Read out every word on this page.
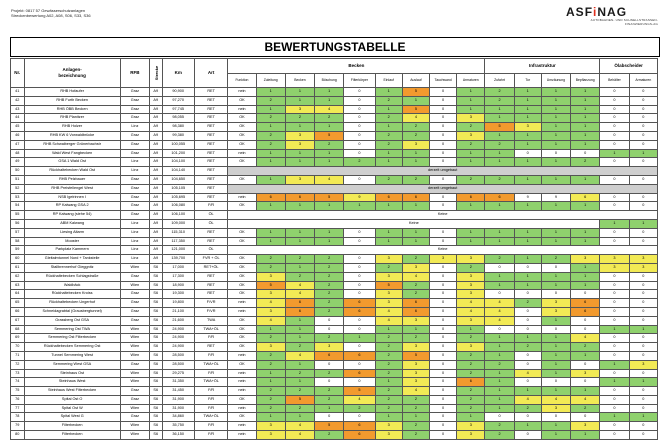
Projekt: 0817 57 Gewässerschutzanlagen
Streckenbewertung A02, A08, S06, S33, S36	A S F i N A G
AUTOBAHNEN- UND SCHNELLSTRASSEN-FINANZIERUNGS-AG
BEWERTUNGSTABELLE
Nr.	Anlagen-
bezeichnung	RFB	Strecke	Km	Art	Becken									Infrastruktur				Ölabscheider	
						Funktion	Zuleitung	Becken	Böschung	Filterkörper	Einlauf	Auslauf	Tauchwand	Armaturen	Zufahrt	Tor	Umzäunung	Bepflanzung	Behälter	Armaturen
41	RHB Hofaufer	Graz	A9	90,900	RET	nein	1	1	1	0	1	5	0	1	2	1	1	1	0	0
42	RHB Furth Becken	Graz	A9	97,270	RET	OK	2	1	1	0	2	1	0	1	2	1	1	1	0	0
43	RHB ÖBB Becken	Graz	A9	97,745	RET	nein	1	3	4	0	1	5	0	1	1	1	1	1	0	0
44	RHB Planitzer	Graz	A9	98,055	RET	OK	2	2	2	0	2	4	0	3	1	1	1	1	0	0
45	RHB Holzer	Linz	A9	98,380	RET	OK	1	1	1	0	1	2	0	2	5	3	1	1	0	0
46	RHB KW 6 Vorwaldbrücke	Graz	A9	99,380	RET	OK	2	3	5	0	2	2	0	3	1	1	1	1	0	0
47	RHB Schwaiberger Grünerbachstr	Graz	A9	100,055	RET	OK	2	3	2	0	2	3	0	2	2	1	1	1	0	0
48	Wald West Fangbecken	Graz	A9	101,200	RET	nein	1	1	1	0	1	1	0	1	1	0	0	0	1	1
49	GSA 1 Wald Ost	Linz	A9	104,100	RET	OK	1	1	1	2	1	1	0	1	1	1	1	2	0	0
50	Rückhaltebecken Wald Ost	Linz	A9	104,140	RET	derzeit umgebaut														
51	RHB Pelzbauer	Graz	A9	104,650	RET	OK	1	3	4	0	2	2	0	2	2	1	1	1	0	0
52	RHB Preisfellengel West	Graz	A9	105,105	RET	derzeit umgebaut														
53	NSB Igelrinnen I	Graz	A9	105,695	RET	nein	6	6	5	9	6	6	0	6	6	9	9	6	0	0
54	RP Kalwang GSA 2	Graz	A9	106,080	F/R	OK	1	1	1	1	1	1	0	1	1	1	1	1	0	0
55	RP Kalwang (siehe 54)	Graz	A9	106,100	ÖL	Keine														
56	ABM Kalwang	Linz	A9	109,000	ÖL	Keine													1	1
57	Liesing Altarm	Linz	A9	115,310	RET	OK	1	1	1	0	1	1	0	1	1	1	1	1	0	0
58	Mooster	Linz	A9	117,350	RET	OK	1	1	1	0	1	1	0	1	1	1	1	1	0	0
59	Parkplatz Kammern	Linz	A9	121,000	ÖL	Keine														
60	Gleitalmtunnel Nord + Tankstelle	Linz	A9	139,700	FVR + ÖL	OK	2	2	2	0	3	2	3	3	2	1	2	3	3	3
61	Stallbrennerhof Gleggnitz	Wien	S6	17,000	RET+ÖL	OK	2	1	2	0	2	3	0	2	0	0	0	1	3	3
62	Rückhaltebecken Schlagstraße	Graz	S6	17,300	RET	OK	3	2	2	0	3	4	0	3	1	1	1	1	0	0
63	Waldbäck	Wien	S6	18,900	RET	OK	5	4	2	0	5	2	0	3	1	1	1	1	0	0
64	Rückhaltebecken Kroiss	Graz	S6	19,300	RET	OK	3	4	2	0	3	2	0	3	0	0	0	0	0	0
65	Rückhaltebecken Ungerhof	Graz	S6	19,800	F/VR	nein	4	6	2	6	3	6	0	4	4	2	3	6	0	0
66	Schneidagrabtal (Grausbergtunnel)	Graz	S6	21,100	F/VR	nein	3	6	2	6	4	6	0	4	4	0	3	6	0	0
67	Grassberg Ost GSA	Graz	S6	21,600	TWA	OK	4	1	0	0	4	3	0	3	4	0	1	0	0	0
68	Semmering Ost TWA	Wien	S6	24,900	TWA+ÖL	OK	1	1	0	0	1	1	0	1	0	0	0	0	1	1
69	Semmering Ost Filterbecken	Wien	S6	24,900	F/R	OK	2	1	2	1	2	2	0	2	1	1	1	4	0	0
70	Rückhaltebecken Semmering Ost	Wien	S6	24,900	RET	OK	3	2	3	0	2	3	0	3	1	2	1	2	0	0
71	Tunnel Semmering West	Wien	S6	28,500	F/R	nein	2	4	6	6	2	5	0	2	1	0	1	1	0	0
72	Semmering West GSA	Graz	S6	28,500	TWA+ÖL	OK	2	1	0	0	2	3	0	2	2	0	1	0	1	3
73	Steinhaus Ost	Wien	S6	29,275	F/R	nein	1	2	2	6	2	3	0	2	1	4	1	3	0	0
74	Steinhaus West	Wien	S6	31,350	TWA+ÖL	nein	1	1	0	0	1	3	0	6	1	0	0	0	1	1
75	Steinhaus West Filterbecken	Graz	S6	31,450	F/R	nein	2	2	2	5	2	4	0	2	1	1	1	1	0	0
76	Spital Ost O	Graz	S6	31,900	F/R	OK	2	5	2	4	2	2	0	2	1	4	4	4	0	0
77	Spital Ost W	Wien	S6	31,900	F/R	nein	2	2	1	2	2	2	0	2	1	2	3	2	0	0
78	Spital West G	Graz	S6	34,860	TWA+ÖL	OK	1	1	0	0	1	1	0	1	0	0	0	0	1	1
79	Filterbecken	Wien	S6	35,750	F/R	nein	3	4	5	6	3	2	0	3	2	1	1	3	0	0
80	Filterbecken	Wien	S6	36,150	F/R	nein	3	4	2	6	3	2	0	3	2	0	1	1	0	0
